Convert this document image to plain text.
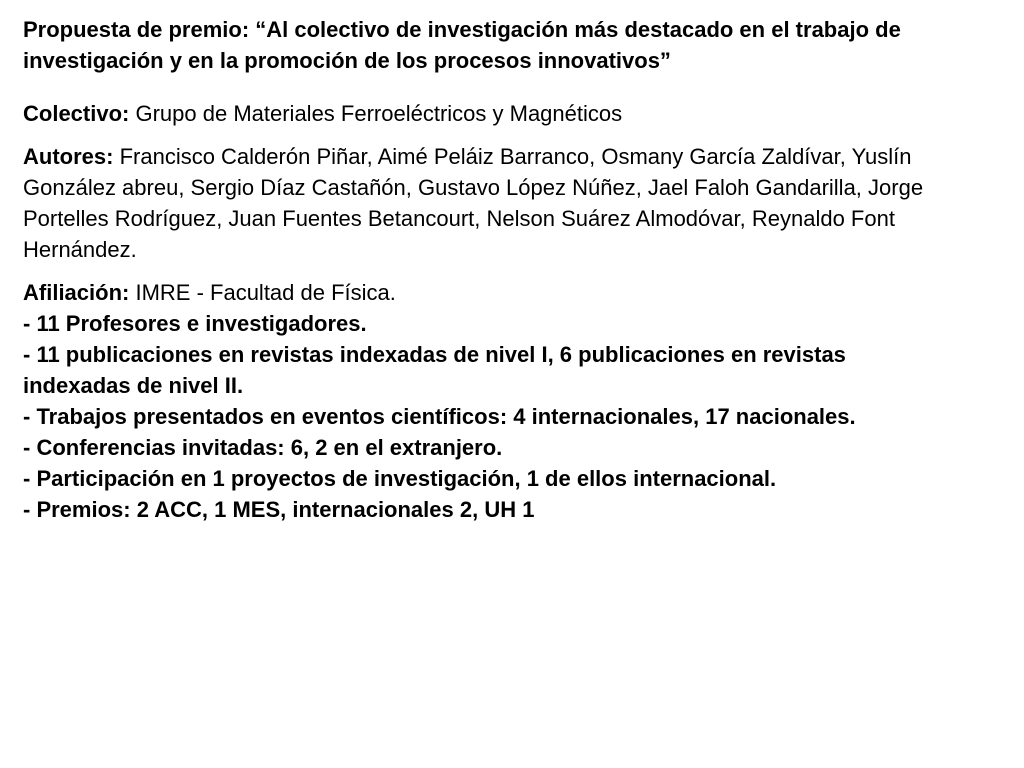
Propuesta de premio: “Al colectivo de investigación más destacado en el trabajo de investigación y en la promoción de los procesos innovativos”

Colectivo: Grupo de Materiales Ferroeléctricos y Magnéticos

Autores: Francisco Calderón Piñar, Aimé Peláiz Barranco, Osmany García Zaldívar, Yuslín González abreu, Sergio Díaz Castañón, Gustavo López Núñez, Jael Faloh Gandarilla, Jorge Portelles Rodríguez, Juan Fuentes Betancourt, Nelson Suárez Almodóvar, Reynaldo Font Hernández.

Afiliación: IMRE - Facultad de Física.

- 11 Profesores e investigadores.
- 11 publicaciones en revistas indexadas de nivel I, 6 publicaciones en revistas indexadas de nivel II.
- Trabajos presentados en eventos científicos: 4 internacionales, 17 nacionales.
- Conferencias invitadas: 6, 2 en el extranjero.
- Participación en 1 proyectos de investigación, 1 de ellos internacional.
- Premios: 2 ACC, 1 MES, internacionales 2, UH 1
